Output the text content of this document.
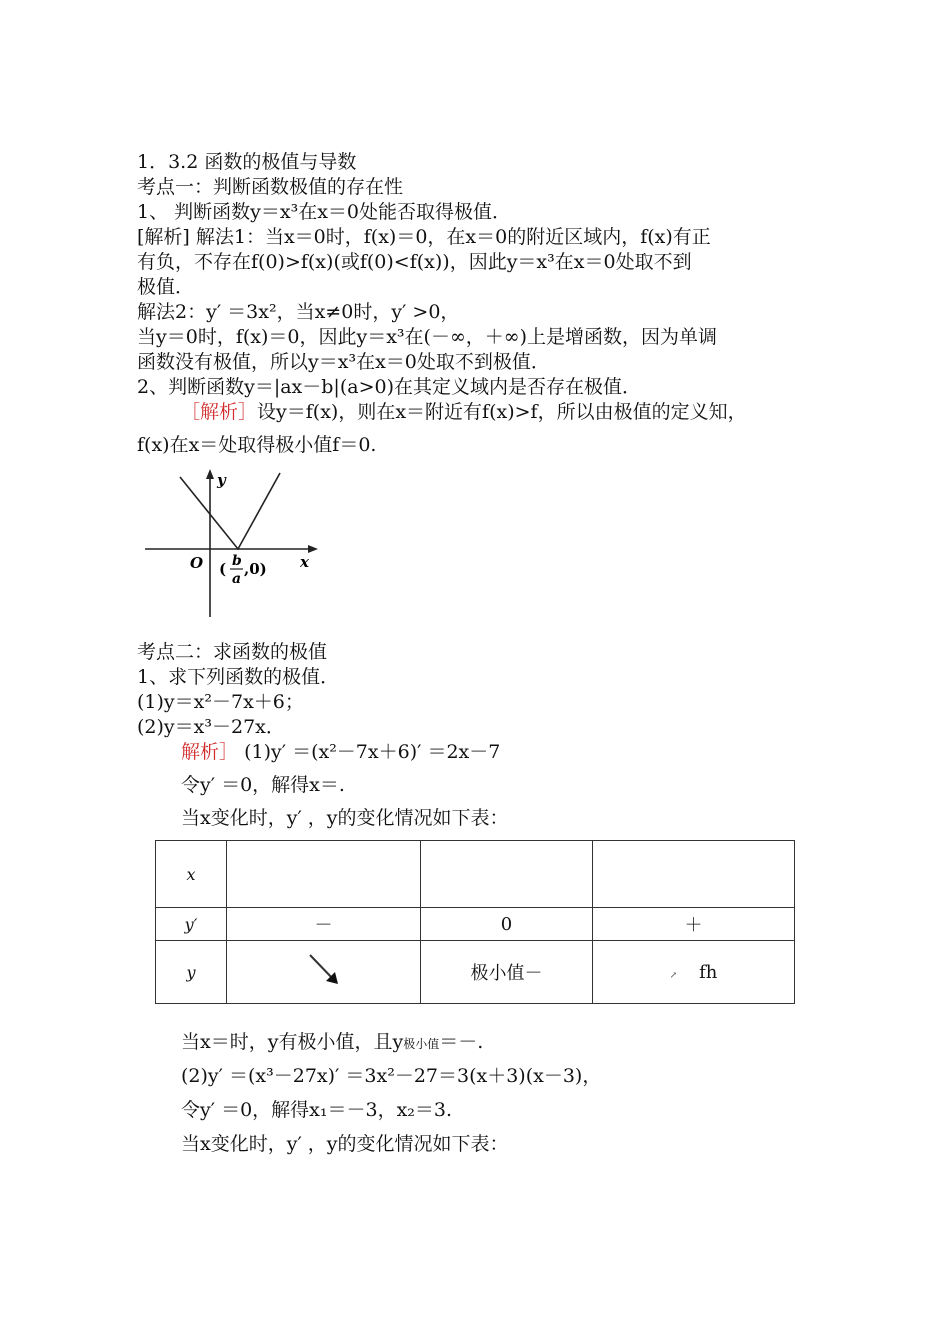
1．3.2 函数的极值与导数
考点一：判断函数极值的存在性
1、 判断函数y＝x³在x＝0处能否取得极值．
[解析] 解法1：当x＝0时，f(x)＝0，在x＝0的附近区域内，f(x)有正
有负，不存在f(0)>f(x)(或f(0)<f(x))，因此y＝x³在x＝0处取不到
极值．
解法2：y′ ＝3x²，当x≠0时，y′ >0，
当y＝0时，f(x)＝0，因此y＝x³在(－∞，＋∞)上是增函数，因为单调
函数没有极值，所以y＝x³在x＝0处取不到极值．
2、判断函数y＝|ax－b|(a>0)在其定义域内是否存在极值．
［解析］设y＝f(x)，则在x＝附近有f(x)>f，所以由极值的定义知，
f(x)在x＝处取得极小值f＝0.
y
x
O ( b
a
,0)
考点二：求函数的极值
1、求下列函数的极值．
(1)y＝x²－7x＋6；
(2)y＝x³－27x．
解析］ (1)y′ ＝(x²－7x＋6)′ ＝2x－7
令y′ ＝0，解得x＝.
当x变化时，y′ ，y的变化情况如下表：
x			
y′	－	0	＋
y		极小值－	↗ fh
当x＝时，y有极小值，且y极小值＝－.
(2)y′ ＝(x³－27x)′ ＝3x²－27＝3(x＋3)(x－3)，
令y′ ＝0，解得x₁＝－3，x₂＝3.
当x变化时，y′ ，y的变化情况如下表：
